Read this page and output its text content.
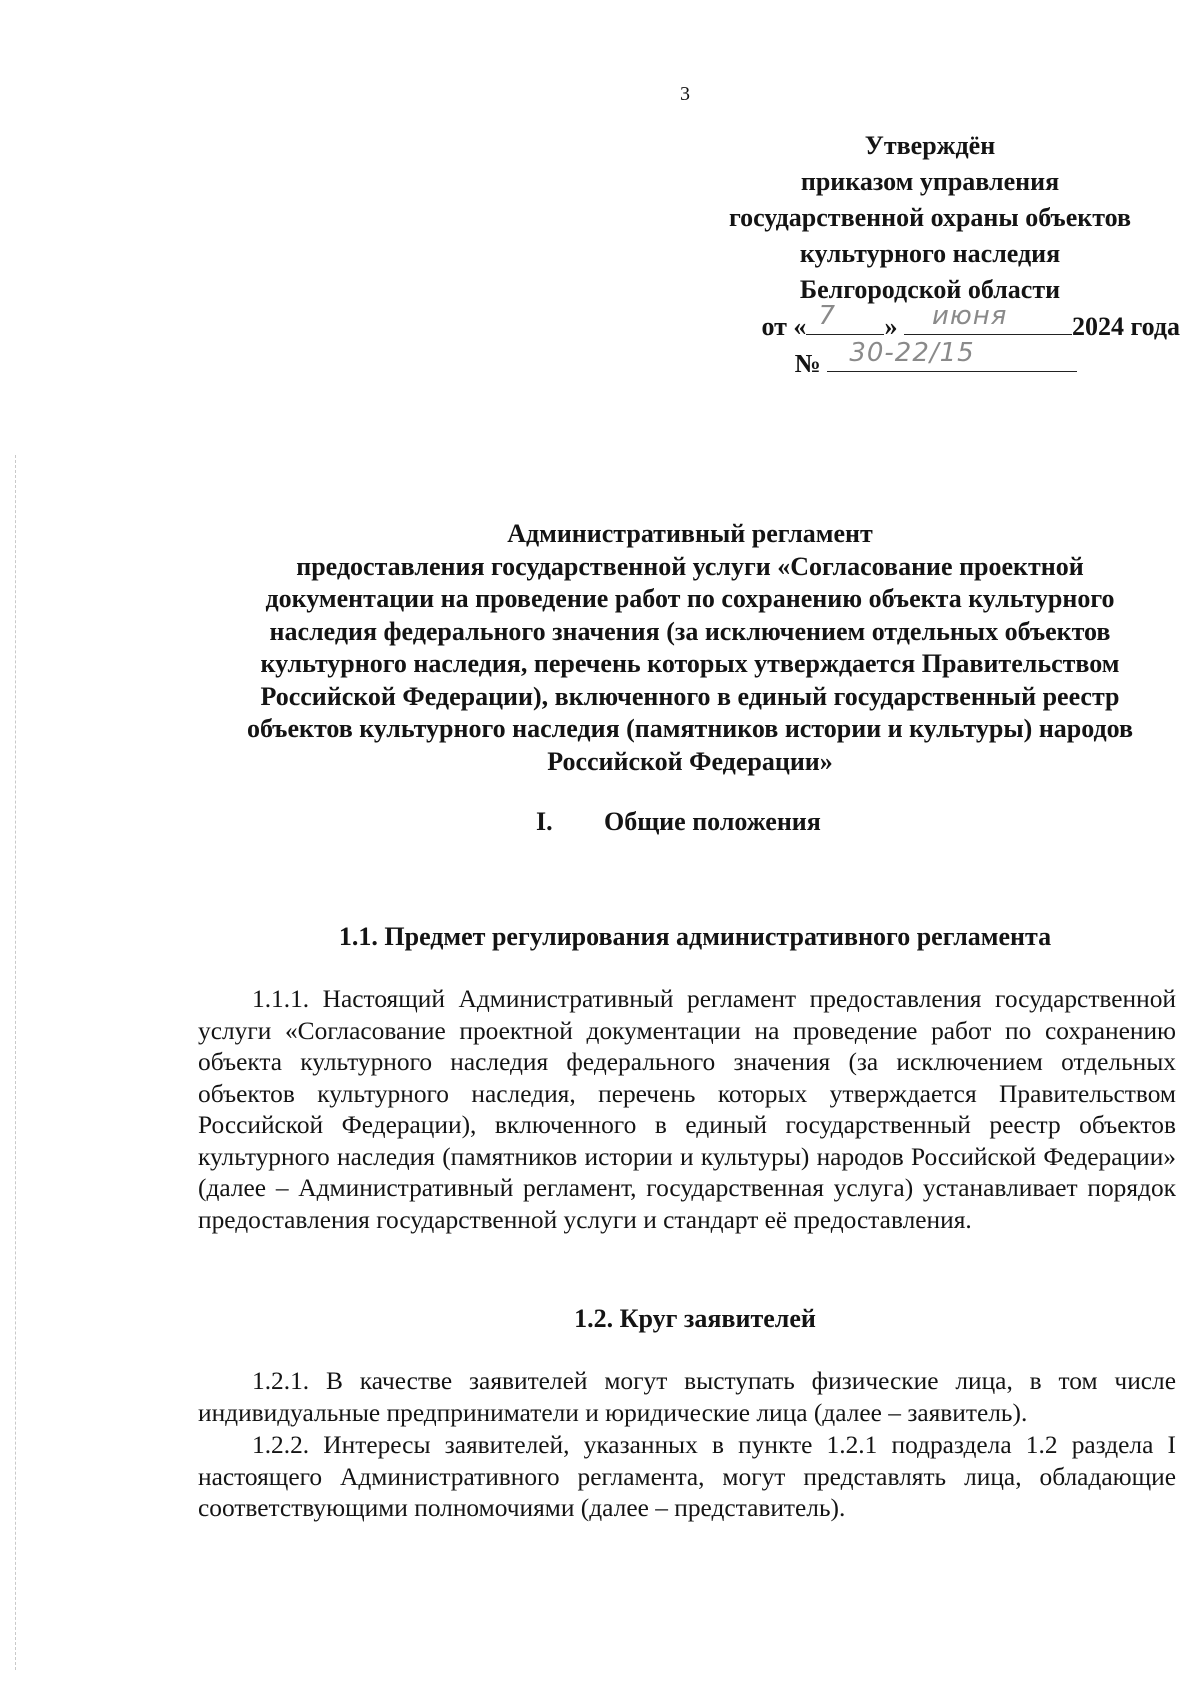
3
Утверждён
приказом управления
государственной охраны объектов
культурного наследия
Белгородской области
от « 7 » июня 2024 года
№ 30-22/15
Административный регламент
предоставления государственной услуги «Согласование проектной
документации на проведение работ по сохранению объекта культурного
наследия федерального значения (за исключением отдельных объектов
культурного наследия, перечень которых утверждается Правительством
Российской Федерации), включенного в единый государственный реестр
объектов культурного наследия (памятников истории и культуры) народов
Российской Федерации»
I. Общие положения
1.1. Предмет регулирования административного регламента
1.1.1. Настоящий Административный регламент предоставления государственной услуги «Согласование проектной документации на проведение работ по сохранению объекта культурного наследия федерального значения (за исключением отдельных объектов культурного наследия, перечень которых утверждается Правительством Российской Федерации), включенного в единый государственный реестр объектов культурного наследия (памятников истории и культуры) народов Российской Федерации» (далее – Административный регламент, государственная услуга) устанавливает порядок предоставления государственной услуги и стандарт её предоставления.
1.2. Круг заявителей
1.2.1. В качестве заявителей могут выступать физические лица, в том числе индивидуальные предприниматели и юридические лица (далее – заявитель).
1.2.2. Интересы заявителей, указанных в пункте 1.2.1 подраздела 1.2 раздела I настоящего Административного регламента, могут представлять лица, обладающие соответствующими полномочиями (далее – представитель).
